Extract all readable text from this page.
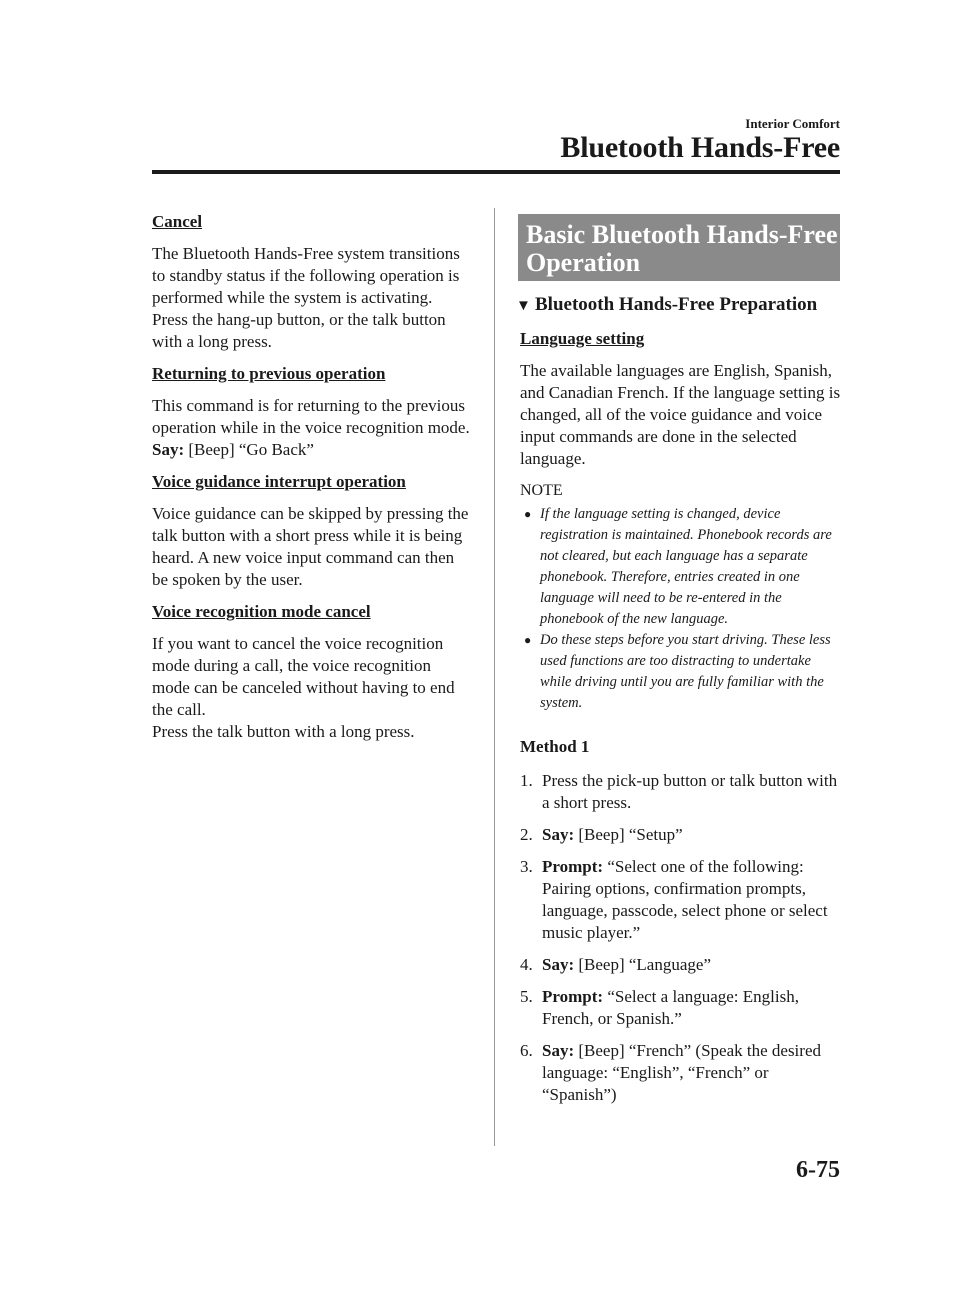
Interior Comfort
Bluetooth Hands-Free
Cancel
The Bluetooth Hands-Free system transitions to standby status if the following operation is performed while the system is activating.
Press the hang-up button, or the talk button with a long press.
Returning to previous operation
This command is for returning to the previous operation while in the voice recognition mode.
Say: [Beep] “Go Back”
Voice guidance interrupt operation
Voice guidance can be skipped by pressing the talk button with a short press while it is being heard. A new voice input command can then be spoken by the user.
Voice recognition mode cancel
If you want to cancel the voice recognition mode during a call, the voice recognition mode can be canceled without having to end the call.
Press the talk button with a long press.
Basic Bluetooth Hands-Free Operation
▼ Bluetooth Hands-Free Preparation
Language setting
The available languages are English, Spanish, and Canadian French. If the language setting is changed, all of the voice guidance and voice input commands are done in the selected language.
NOTE
● If the language setting is changed, device registration is maintained. Phonebook records are not cleared, but each language has a separate phonebook. Therefore, entries created in one language will need to be re-entered in the phonebook of the new language.
● Do these steps before you start driving. These less used functions are too distracting to undertake while driving until you are fully familiar with the system.
Method 1
1. Press the pick-up button or talk button with a short press.
2. Say: [Beep] “Setup”
3. Prompt: “Select one of the following: Pairing options, confirmation prompts, language, passcode, select phone or select music player.”
4. Say: [Beep] “Language”
5. Prompt: “Select a language: English, French, or Spanish.”
6. Say: [Beep] “French” (Speak the desired language: “English”, “French” or “Spanish”)
6-75
